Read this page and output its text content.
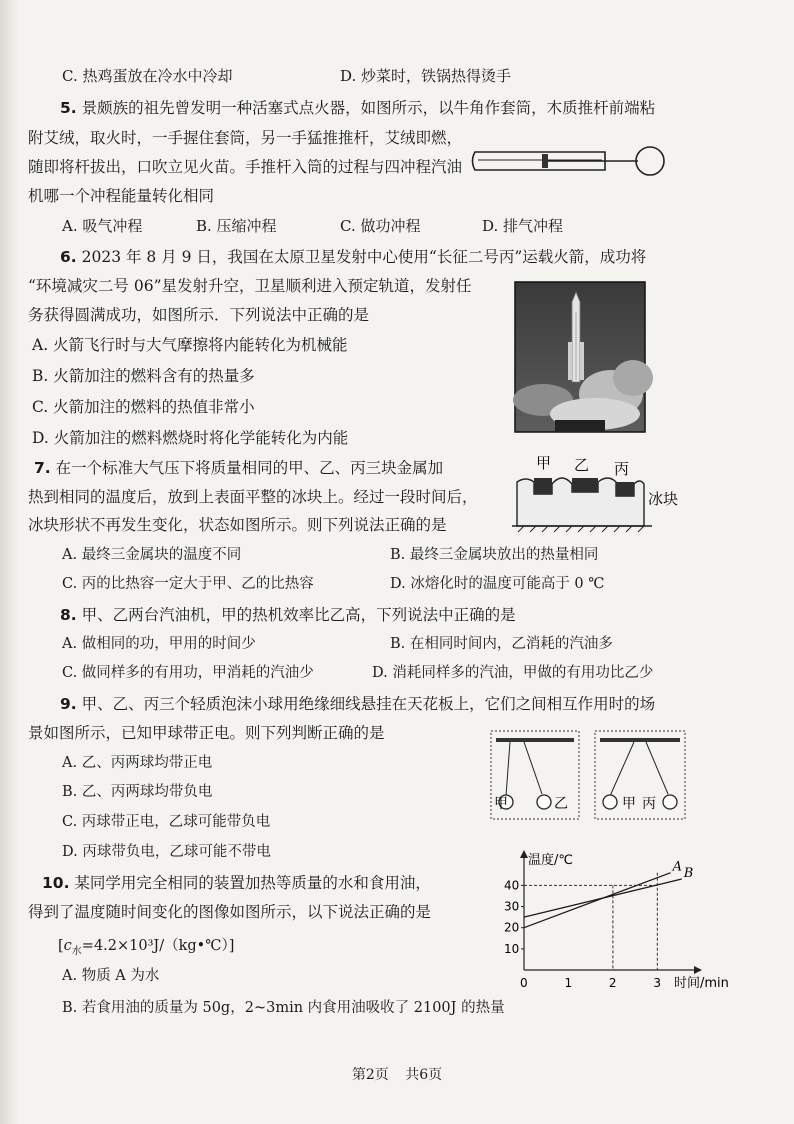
C. 热鸡蛋放在冷水中冷却	D. 炒菜时，铁锅热得烫手
5. 景颇族的祖先曾发明一种活塞式点火器，如图所示，以牛角作套筒，木质推杆前端粘
附艾绒，取火时，一手握住套筒，另一手猛推推杆，艾绒即燃，
随即将杆拔出，口吹立见火苗。手推杆入筒的过程与四冲程汽油
机哪一个冲程能量转化相同
A. 吸气冲程	B. 压缩冲程	C. 做功冲程	D. 排气冲程
6. 2023 年 8 月 9 日，我国在太原卫星发射中心使用“长征二号丙”运载火箭，成功将
“环境减灾二号 06”星发射升空，卫星顺利进入预定轨道，发射任
务获得圆满成功，如图所示．下列说法中正确的是
A. 火箭飞行时与大气摩擦将内能转化为机械能
B. 火箭加注的燃料含有的热量多
C. 火箭加注的燃料的热值非常小
D. 火箭加注的燃料燃烧时将化学能转化为内能
7. 在一个标准大气压下将质量相同的甲、乙、丙三块金属加
热到相同的温度后，放到上表面平整的冰块上。经过一段时间后，
冰块形状不再发生变化，状态如图所示。则下列说法正确的是
甲 乙 丙
冰块
A. 最终三金属块的温度不同	B. 最终三金属块放出的热量相同
C. 丙的比热容一定大于甲、乙的比热容	D. 冰熔化时的温度可能高于 0 ℃
8. 甲、乙两台汽油机，甲的热机效率比乙高，下列说法中正确的是
A. 做相同的功，甲用的时间少	B. 在相同时间内，乙消耗的汽油多
C. 做同样多的有用功，甲消耗的汽油少	D. 消耗同样多的汽油，甲做的有用功比乙少
9. 甲、乙、丙三个轻质泡沫小球用绝缘细线悬挂在天花板上，它们之间相互作用时的场
景如图所示，已知甲球带正电。则下列判断正确的是
A. 乙、丙两球均带正电
B. 乙、丙两球均带负电
C. 丙球带正电，乙球可能带负电
D. 丙球带负电，乙球可能不带电
甲	乙	甲 丙
10. 某同学用完全相同的装置加热等质量的水和食用油，
得到了温度随时间变化的图像如图所示，以下说法正确的是
$[c_水=4.2\times 10^3J/(kg•℃)]$
A. 物质 A 为水
B. 若食用油的质量为 50g，2~3min 内食用油吸收了 2100J 的热量
温度/℃
时间/min
10
20
30
40
0	1	2	3
A B
第2页 共6页
